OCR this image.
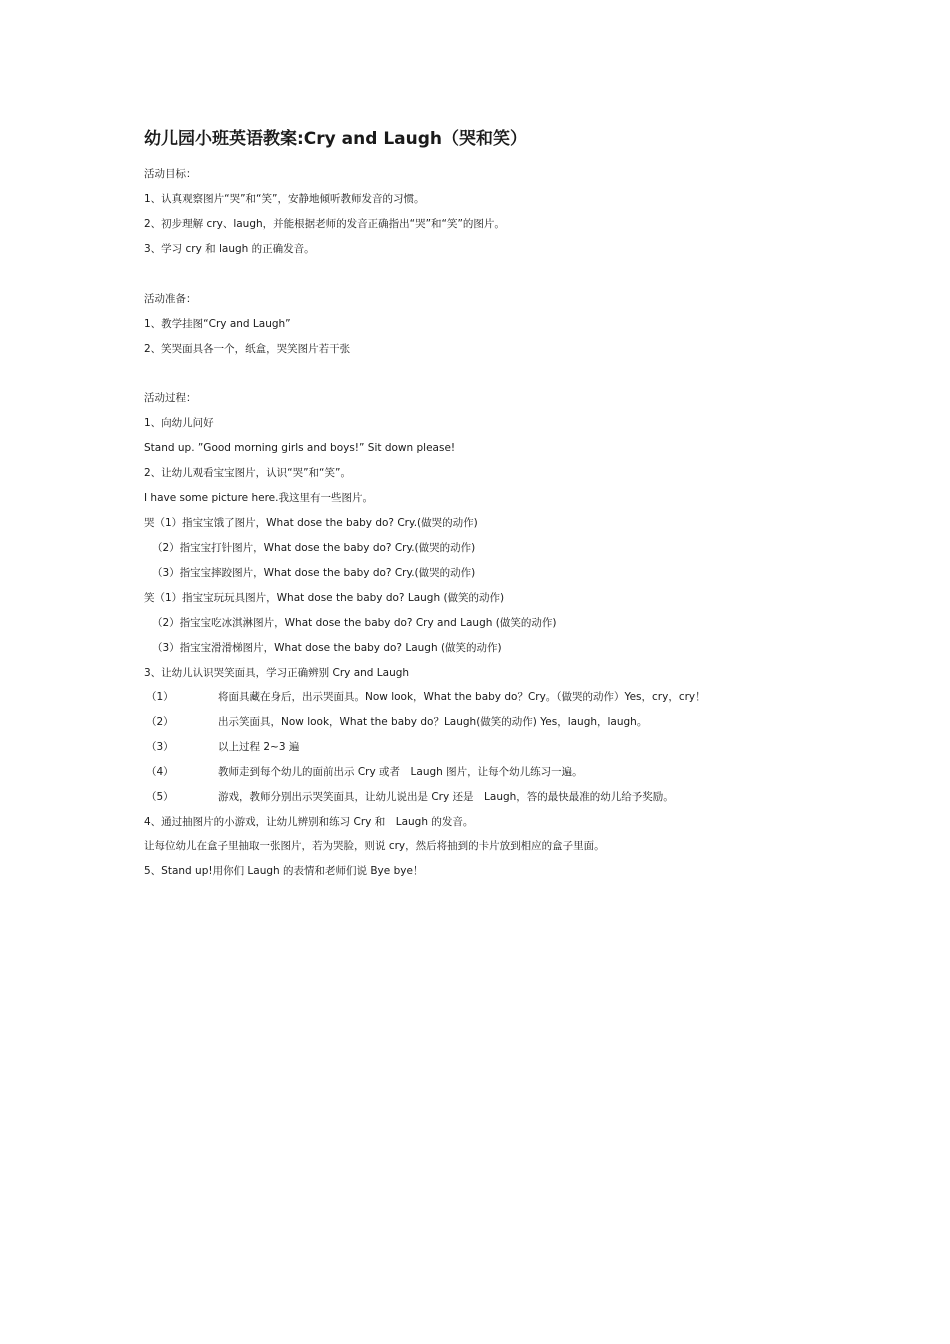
幼儿园小班英语教案:Cry and Laugh（哭和笑）
活动目标：
1、认真观察图片“哭”和“笑”，安静地倾听教师发音的习惯。
2、初步理解 cry、laugh，并能根据老师的发音正确指出“哭”和“笑”的图片。
3、学习 cry 和 laugh 的正确发音。
活动准备：
1、教学挂图“Cry and Laugh”
2、笑哭面具各一个，纸盒，哭笑图片若干张
活动过程：
1、向幼儿问好
Stand up. ”Good morning girls and boys!” Sit down please!
2、让幼儿观看宝宝图片，认识“哭”和“笑”。
I have some picture here.我这里有一些图片。
哭（1）指宝宝饿了图片，What dose the baby do? Cry.(做哭的动作)
（2）指宝宝打针图片，What dose the baby do? Cry.(做哭的动作)
（3）指宝宝摔跤图片，What dose the baby do? Cry.(做哭的动作)
笑（1）指宝宝玩玩具图片，What dose the baby do? Laugh (做笑的动作)
（2）指宝宝吃冰淇淋图片，What dose the baby do? Cry and Laugh (做笑的动作)
（3）指宝宝滑滑梯图片，What dose the baby do? Laugh (做笑的动作)
3、让幼儿认识哭笑面具，学习正确辨别 Cry and Laugh
（1）	将面具藏在身后，出示哭面具。Now look，What the baby do？Cry。（做哭的动作）Yes，cry，cry！
（2）	出示笑面具，Now look，What the baby do？Laugh(做笑的动作) Yes，laugh，laugh。
（3）	以上过程 2~3 遍
（4）	教师走到每个幼儿的面前出示 Cry 或者　Laugh 图片，让每个幼儿练习一遍。
（5）	游戏，教师分别出示哭笑面具，让幼儿说出是 Cry 还是　Laugh，答的最快最准的幼儿给予奖励。
4、通过抽图片的小游戏，让幼儿辨别和练习 Cry 和　Laugh 的发音。
让每位幼儿在盒子里抽取一张图片，若为哭脸，则说 cry，然后将抽到的卡片放到相应的盒子里面。
5、Stand up!用你们 Laugh 的表情和老师们说 Bye bye！
